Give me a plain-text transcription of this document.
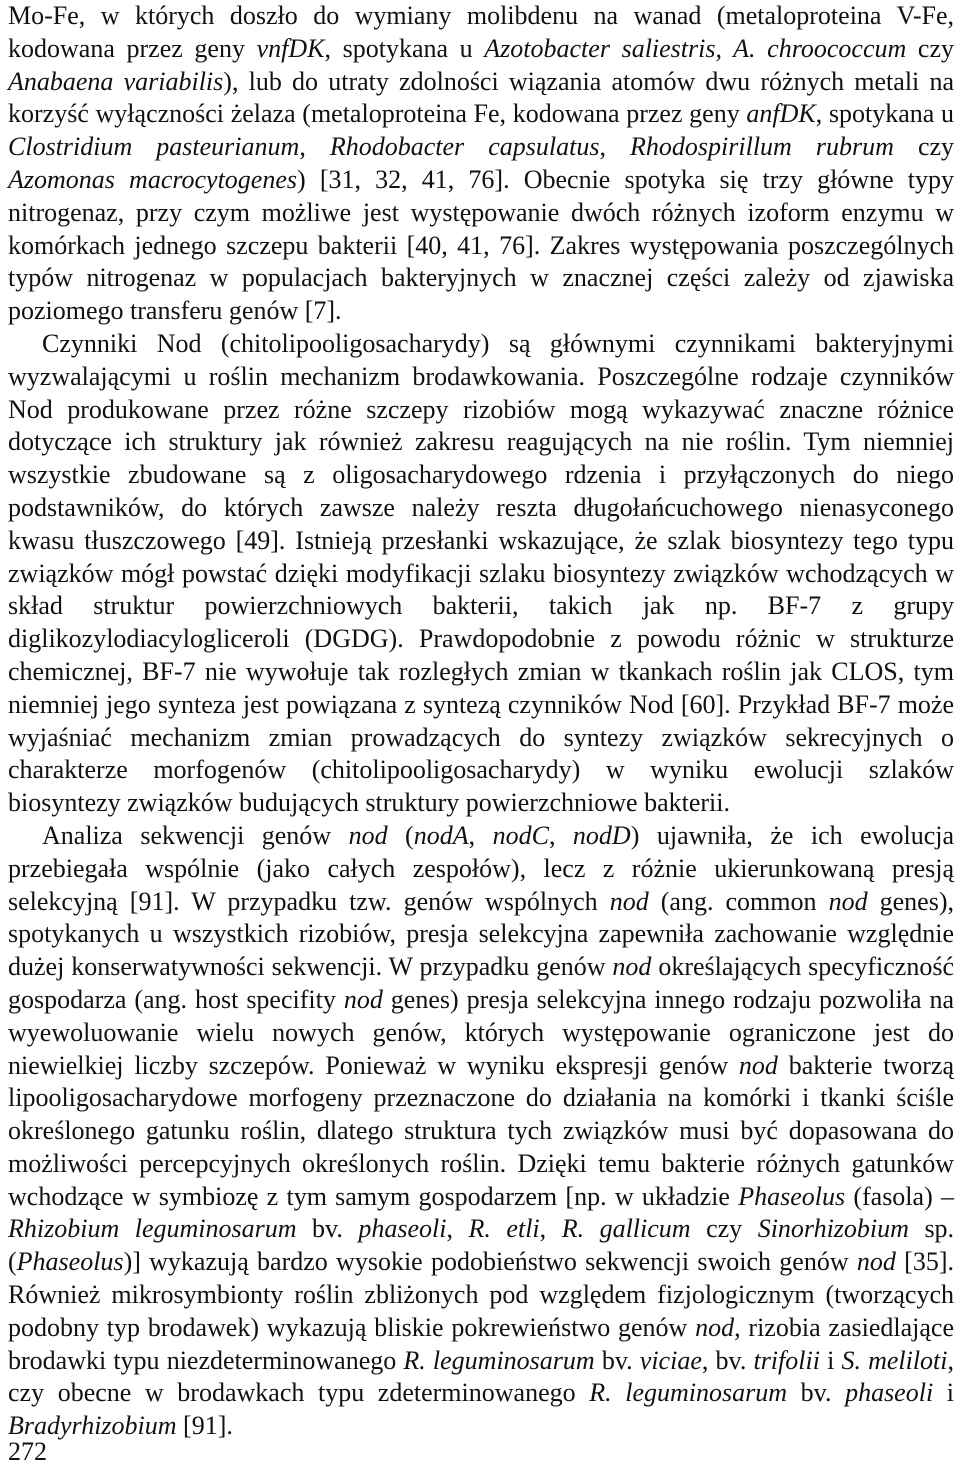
Mo-Fe, w których doszło do wymiany molibdenu na wanad (metaloproteina V-Fe, kodowana przez geny vnfDK, spotykana u Azotobacter saliestris, A. chroococcum czy Anabaena variabilis), lub do utraty zdolności wiązania atomów dwu różnych metali na korzyść wyłączności żelaza (metaloproteina Fe, kodowana przez geny anfDK, spotykana u Clostridium pasteurianum, Rhodobacter capsulatus, Rhodospirillum rubrum czy Azomonas macrocytogenes) [31, 32, 41, 76]. Obecnie spotyka się trzy główne typy nitrogenaz, przy czym możliwe jest występowanie dwóch różnych izoform enzymu w komórkach jednego szczepu bakterii [40, 41, 76]. Zakres występowania poszczególnych typów nitrogenaz w populacjach bakteryjnych w znacznej części zależy od zjawiska poziomego transferu genów [7].

Czynniki Nod (chitolipooligosacharydy) są głównymi czynnikami bakteryjnymi wyzwalającymi u roślin mechanizm brodawkowania. Poszczególne rodzaje czynników Nod produkowane przez różne szczepy rizobiów mogą wykazywać znaczne różnice dotyczące ich struktury jak również zakresu reagujących na nie roślin. Tym niemniej wszystkie zbudowane są z oligosacharydowego rdzenia i przyłączonych do niego podstawników, do których zawsze należy reszta długołańcuchowego nienasyconego kwasu tłuszczowego [49]. Istnieją przesłanki wskazujące, że szlak biosyntezy tego typu związków mógł powstać dzięki modyfikacji szlaku biosyntezy związków wchodzących w skład struktur powierzchniowych bakterii, takich jak np. BF-7 z grupy diglikozylodiacylogliceroli (DGDG). Prawdopodobnie z powodu różnic w strukturze chemicznej, BF-7 nie wywołuje tak rozległych zmian w tkankach roślin jak CLOS, tym niemniej jego synteza jest powiązana z syntezą czynników Nod [60]. Przykład BF-7 może wyjaśniać mechanizm zmian prowadzących do syntezy związków sekrecyjnych o charakterze morfogenów (chitolipooligosacharydy) w wyniku ewolucji szlaków biosyntezy związków budujących struktury powierzchniowe bakterii.

Analiza sekwencji genów nod (nodA, nodC, nodD) ujawniła, że ich ewolucja przebiegała wspólnie (jako całych zespołów), lecz z różnie ukierunkowaną presją selekcyjną [91]. W przypadku tzw. genów wspólnych nod (ang. common nod genes), spotykanych u wszystkich rizobiów, presja selekcyjna zapewniła zachowanie względnie dużej konserwatywności sekwencji. W przypadku genów nod określających specyficzność gospodarza (ang. host specifity nod genes) presja selekcyjna innego rodzaju pozwoliła na wyewoluowanie wielu nowych genów, których występowanie ograniczone jest do niewielkiej liczby szczepów. Ponieważ w wyniku ekspresji genów nod bakterie tworzą lipooligosacharydowe morfogeny przeznaczone do działania na komórki i tkanki ściśle określonego gatunku roślin, dlatego struktura tych związków musi być dopasowana do możliwości percepcyjnych określonych roślin. Dzięki temu bakterie różnych gatunków wchodzące w symbiozę z tym samym gospodarzem [np. w układzie Phaseolus (fasola) – Rhizobium leguminosarum bv. phaseoli, R. etli, R. gallicum czy Sinorhizobium sp. (Phaseolus)] wykazują bardzo wysokie podobieństwo sekwencji swoich genów nod [35]. Również mikrosymbionty roślin zbliżonych pod względem fizjologicznym (tworzących podobny typ brodawek) wykazują bliskie pokrewieństwo genów nod, rizobia zasiedlające brodawki typu niezdeterminowanego R. leguminosarum bv. viciae, bv. trifolii i S. meliloti, czy obecne w brodawkach typu zdeterminowanego R. leguminosarum bv. phaseoli i Bradyrhizobium [91].

272
